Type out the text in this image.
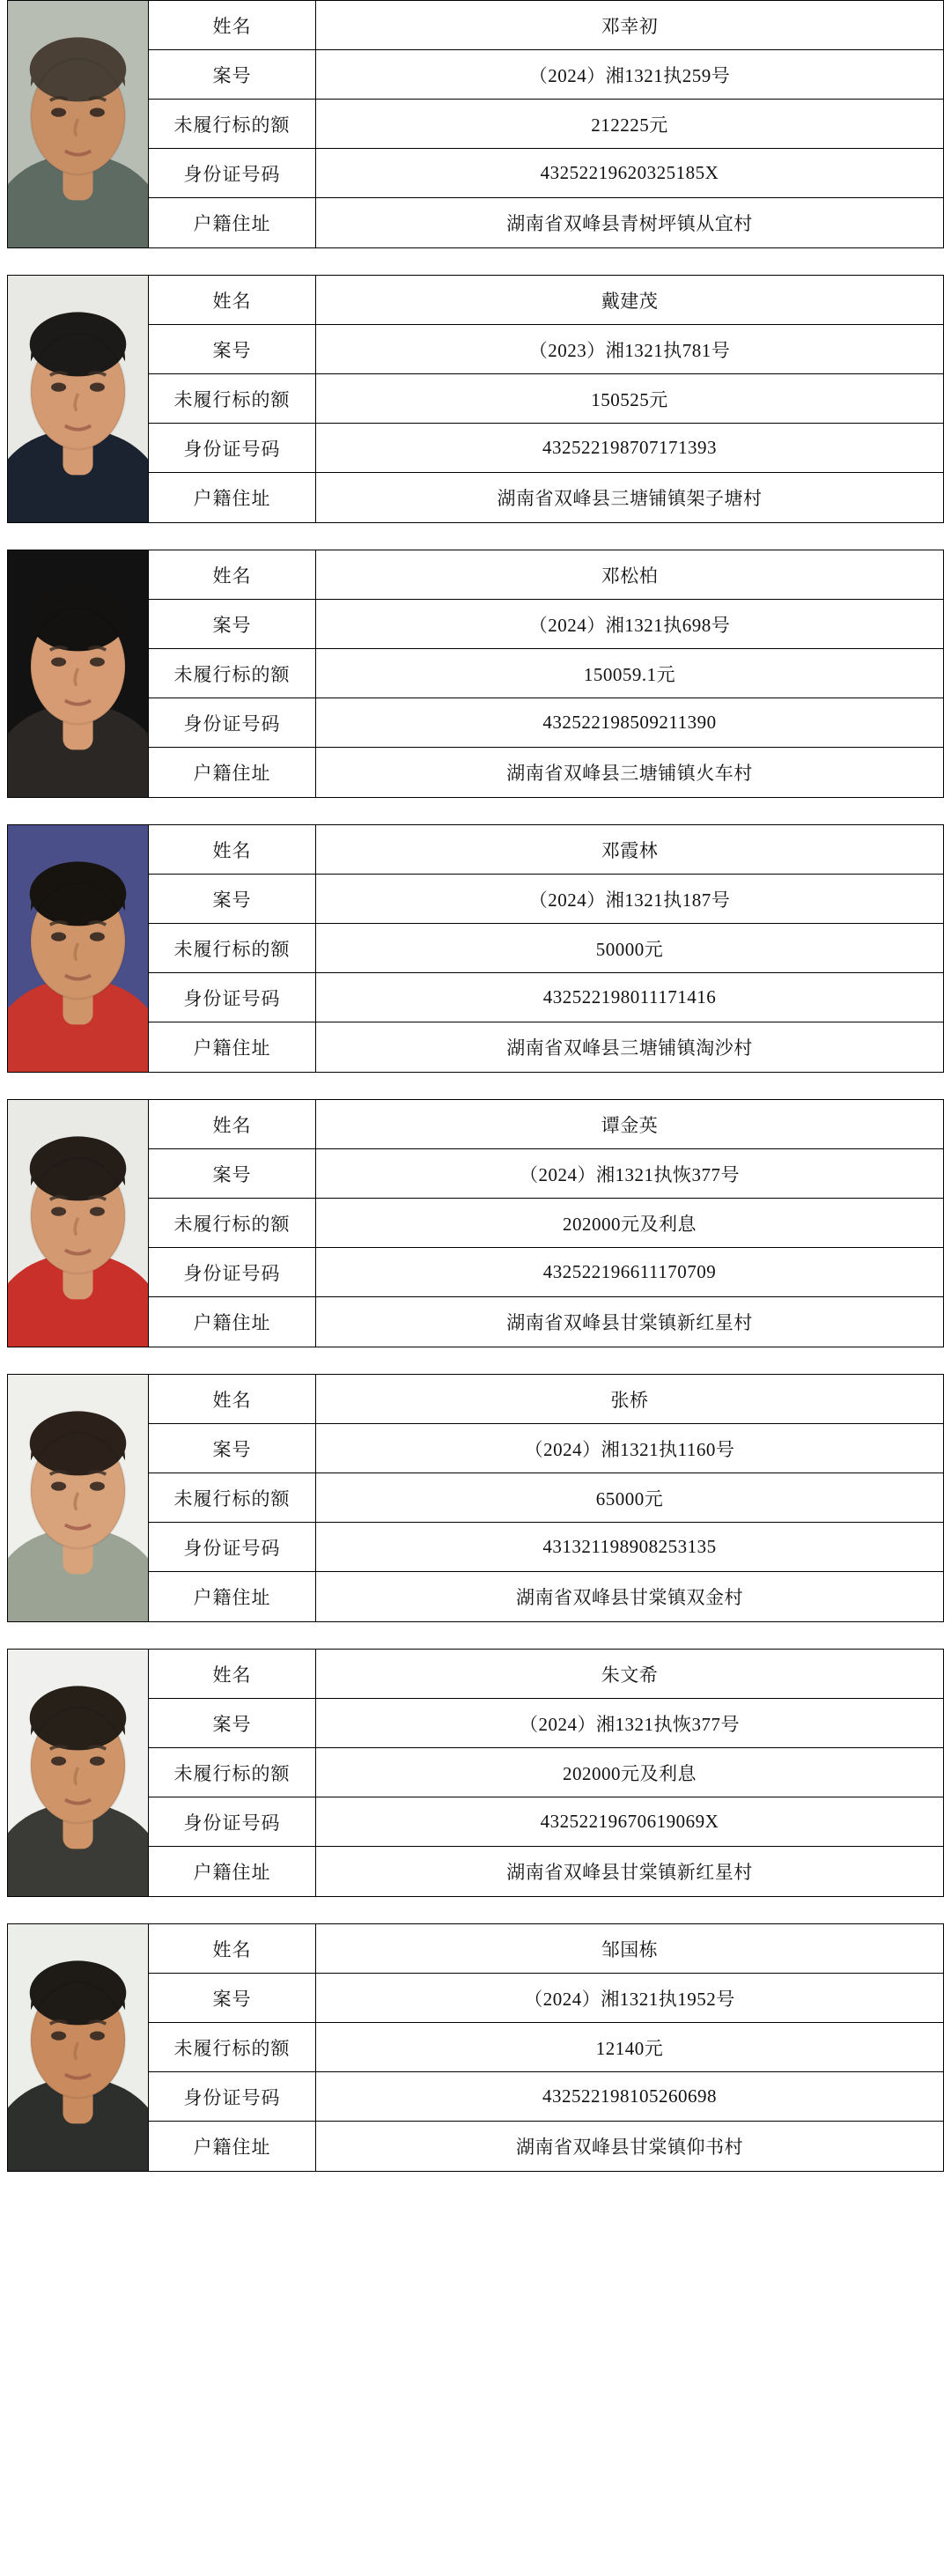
姓名	邓幸初
案号	（2024）湘1321执259号
未履行标的额	212225元
身份证号码	43252219620325185X
户籍住址	湖南省双峰县青树坪镇从宜村
姓名	戴建茂
案号	（2023）湘1321执781号
未履行标的额	150525元
身份证号码	432522198707171393
户籍住址	湖南省双峰县三塘铺镇架子塘村
姓名	邓松柏
案号	（2024）湘1321执698号
未履行标的额	150059.1元
身份证号码	432522198509211390
户籍住址	湖南省双峰县三塘铺镇火车村
姓名	邓霞林
案号	（2024）湘1321执187号
未履行标的额	50000元
身份证号码	432522198011171416
户籍住址	湖南省双峰县三塘铺镇淘沙村
姓名	谭金英
案号	（2024）湘1321执恢377号
未履行标的额	202000元及利息
身份证号码	432522196611170709
户籍住址	湖南省双峰县甘棠镇新红星村
姓名	张桥
案号	（2024）湘1321执1160号
未履行标的额	65000元
身份证号码	431321198908253135
户籍住址	湖南省双峰县甘棠镇双金村
姓名	朱文希
案号	（2024）湘1321执恢377号
未履行标的额	202000元及利息
身份证号码	43252219670619069X
户籍住址	湖南省双峰县甘棠镇新红星村
姓名	邹国栋
案号	（2024）湘1321执1952号
未履行标的额	12140元
身份证号码	432522198105260698
户籍住址	湖南省双峰县甘棠镇仰书村
